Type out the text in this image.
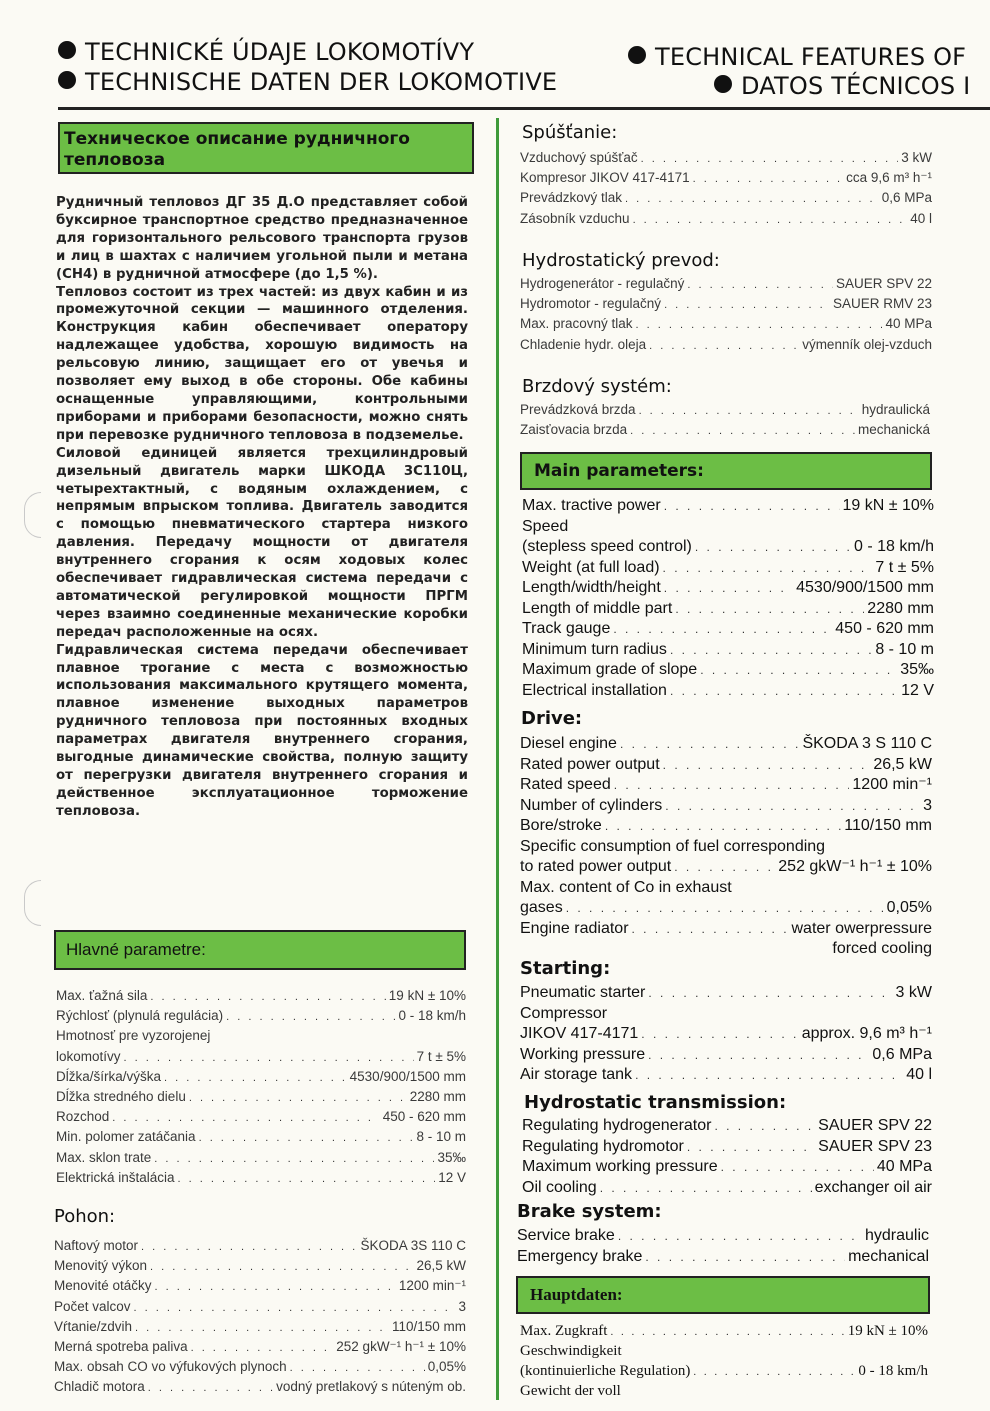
TECHNICKÉ ÚDAJE LOKOMOTÍVY
TECHNISCHE DATEN DER LOKOMOTIVE
TECHNICAL FEATURES OF
DATOS TÉCNICOS I
Техническое описание рудничного
тепловоза

Рудничный тепловоз ДГ 35 Д.О представляет собой буксирное транспортное средство предназначенное для горизонтального рельсового транспорта грузов и лиц в шахтах с наличием угольной пыли и метана (CH4) в рудничной атмосфере (до 1,5 %).

Тепловоз состоит из трех частей: из двух кабин и из промежуточной секции — машинного отделения. Конструкция кабин обеспечивает оператору надлежащее удобства, хорошую видимость на рельсовую линию, защищает его от увечья и позволяет ему выход в обе стороны. Обе кабины оснащенные управляющими, контрольными приборами и приборами безопасности, можно снять при перевозке рудничного тепловоза в подземелье.

Силовой единицей является трехцилиндровый дизельный двигатель марки ШКОДА 3С110Ц, четырехтактный, с водяным охлаждением, с непрямым впрыском топлива. Двигатель заводится с помощью пневматического стартера низкого давления. Передачу мощности от двигателя внутреннего сгорания к осям ходовых колес обеспечивает гидравлическая система передачи с автоматической регулировкой мощности ПРГМ через взаимно соединенные механические коробки передач расположенные на осях.

Гидравлическая система передачи обеспечивает плавное трогание с места с возможностью использования максимального крутящего момента, плавное изменение выходных параметров рудничного тепловоза при постоянных входных параметрах двигателя внутреннего сгорания, выгодные динамические свойства, полную защиту от перегрузки двигателя внутреннего сгорания и действенное эксплуатационное торможение тепловоза.

Hlavné parametre:
Max. ťažná sila . . .	19 kN ± 10%
Rýchlosť (plynulá regulácia) . . .	0 - 18 km/h
Hmotnosť pre vyzorojenej
lokomotívy . . .	7 t ± 5%
Dĺžka/šírka/výška . . .	4530/900/1500 mm
Dĺžka stredného dielu . . .	2280 mm
Rozchod . . .	450 - 620 mm
Min. polomer zatáčania . . .	8 - 10 m
Max. sklon trate . . .	35‰
Elektrická inštalácia . . .	12 V
Pohon:
Naftový motor . . .	ŠKODA 3S 110 C
Menovitý výkon . . .	26,5 kW
Menovité otáčky . . .	1200 min⁻¹
Počet valcov . . .	3
Vŕtanie/zdvih . . .	110/150 mm
Merná spotreba paliva . . .	252 gkW⁻¹ h⁻¹ ± 10%
Max. obsah CO vo výfukových plynoch . . .	0,05%
Chladič motora . . .	vodný pretlakový s núteným ob.
Spúšťanie:
Vzduchový spúšťač . . .	3 kW
Kompresor JIKOV 417-4171 . . .	cca 9,6 m³ h⁻¹
Prevádzkový tlak . . .	0,6 MPa
Zásobník vzduchu . . .	40 l
Hydrostatický prevod:
Hydrogenerátor - regulačný . . .	SAUER SPV 22
Hydromotor - regulačný . . .	SAUER RMV 23
Max. pracovný tlak . . .	40 MPa
Chladenie hydr. oleja . . .	výmenník olej-vzduch
Brzdový systém:
Prevádzková brzda . . .	hydraulická
Zaisťovacia brzda . . .	mechanická
Main parameters:
Max. tractive power . . .	19 kN ± 10%
Speed
(stepless speed control) . . .	0 - 18 km/h
Weight (at full load) . . .	7 t ± 5%
Length/width/height . . .	4530/900/1500 mm
Length of middle part . . .	2280 mm
Track gauge . . .	450 - 620 mm
Minimum turn radius . . .	8 - 10 m
Maximum grade of slope . . .	35‰
Electrical installation . . .	12 V
Drive:
Diesel engine . . .	ŠKODA 3 S 110 C
Rated power output . . .	26,5 kW
Rated speed . . .	1200 min⁻¹
Number of cylinders . . .	3
Bore/stroke . . .	110/150 mm
Specific consumption of fuel corresponding
to rated power output . . .	252 gkW⁻¹ h⁻¹ ± 10%
Max. content of Co in exhaust
gases . . .	0,05%
Engine radiator . . .	water owerpressure
forced cooling
Starting:
Pneumatic starter . . .	3 kW
Compressor
JIKOV 417-4171 . . .	approx. 9,6 m³ h⁻¹
Working pressure . . .	0,6 MPa
Air storage tank . . .	40 l
Hydrostatic transmission:
Regulating hydrogenerator . . .	SAUER SPV 22
Regulating hydromotor . . .	SAUER SPV 23
Maximum working pressure . . .	40 MPa
Oil cooling . . .	exchanger oil air
Brake system:
Service brake . . .	hydraulic
Emergency brake . . .	mechanical
Hauptdaten:
Max. Zugkraft . . .	19 kN ± 10%
Geschwindigkeit
(kontinuierliche Regulation) . . .	0 - 18 km/h
Gewicht der voll
